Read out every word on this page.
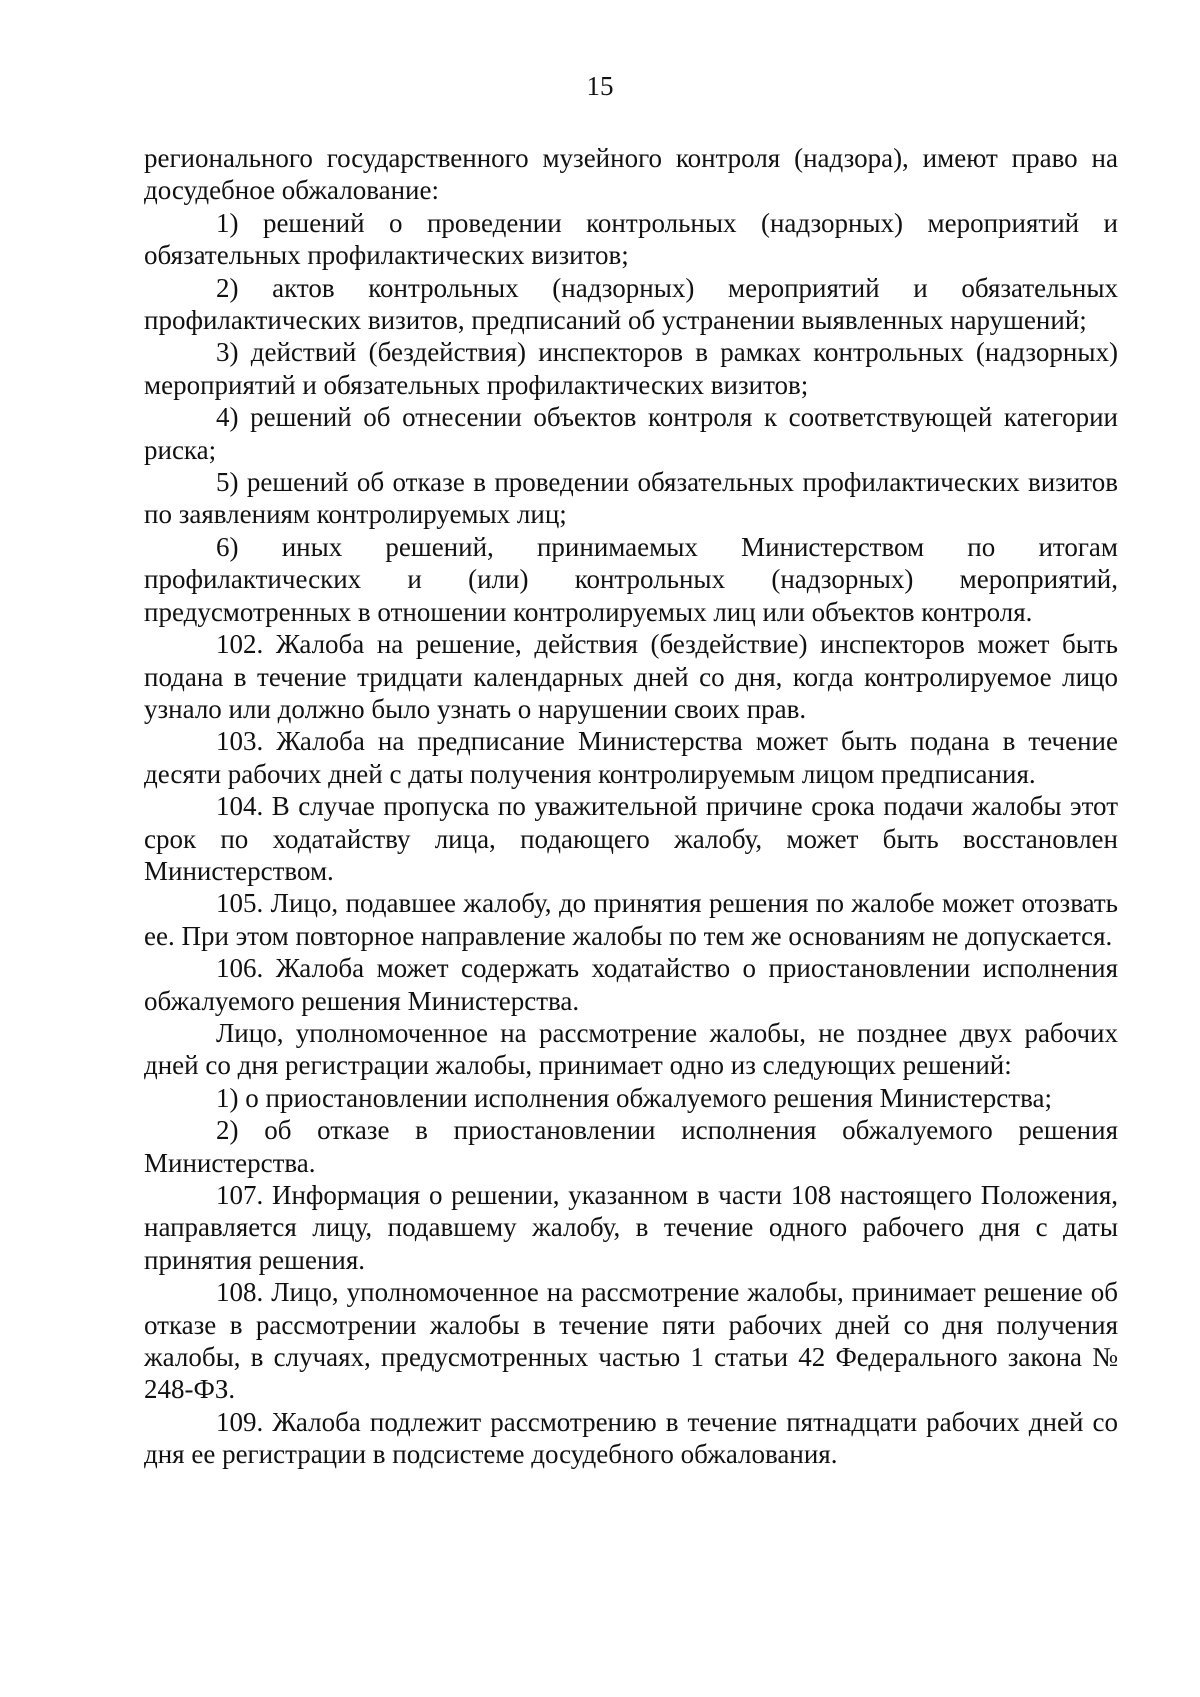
15

регионального государственного музейного контроля (надзора), имеют право на досудебное обжалование:

1) решений о проведении контрольных (надзорных) мероприятий и обязательных профилактических визитов;

2) актов контрольных (надзорных) мероприятий и обязательных профилактических визитов, предписаний об устранении выявленных нарушений;

3) действий (бездействия) инспекторов в рамках контрольных (надзорных) мероприятий и обязательных профилактических визитов;

4) решений об отнесении объектов контроля к соответствующей категории риска;

5) решений об отказе в проведении обязательных профилактических визитов по заявлениям контролируемых лиц;

6) иных решений, принимаемых Министерством по итогам профилактических и (или) контрольных (надзорных) мероприятий, предусмотренных в отношении контролируемых лиц или объектов контроля.

102. Жалоба на решение, действия (бездействие) инспекторов может быть подана в течение тридцати календарных дней со дня, когда контролируемое лицо узнало или должно было узнать о нарушении своих прав.

103. Жалоба на предписание Министерства может быть подана в течение десяти рабочих дней с даты получения контролируемым лицом предписания.

104. В случае пропуска по уважительной причине срока подачи жалобы этот срок по ходатайству лица, подающего жалобу, может быть восстановлен Министерством.

105. Лицо, подавшее жалобу, до принятия решения по жалобе может отозвать ее. При этом повторное направление жалобы по тем же основаниям не допускается.

106. Жалоба может содержать ходатайство о приостановлении исполнения обжалуемого решения Министерства.

Лицо, уполномоченное на рассмотрение жалобы, не позднее двух рабочих дней со дня регистрации жалобы, принимает одно из следующих решений:

1) о приостановлении исполнения обжалуемого решения Министерства;

2) об отказе в приостановлении исполнения обжалуемого решения Министерства.

107. Информация о решении, указанном в части 108 настоящего Положения, направляется лицу, подавшему жалобу, в течение одного рабочего дня с даты принятия решения.

108. Лицо, уполномоченное на рассмотрение жалобы, принимает решение об отказе в рассмотрении жалобы в течение пяти рабочих дней со дня получения жалобы, в случаях, предусмотренных частью 1 статьи 42 Федерального закона № 248-ФЗ.

109. Жалоба подлежит рассмотрению в течение пятнадцати рабочих дней со дня ее регистрации в подсистеме досудебного обжалования.
